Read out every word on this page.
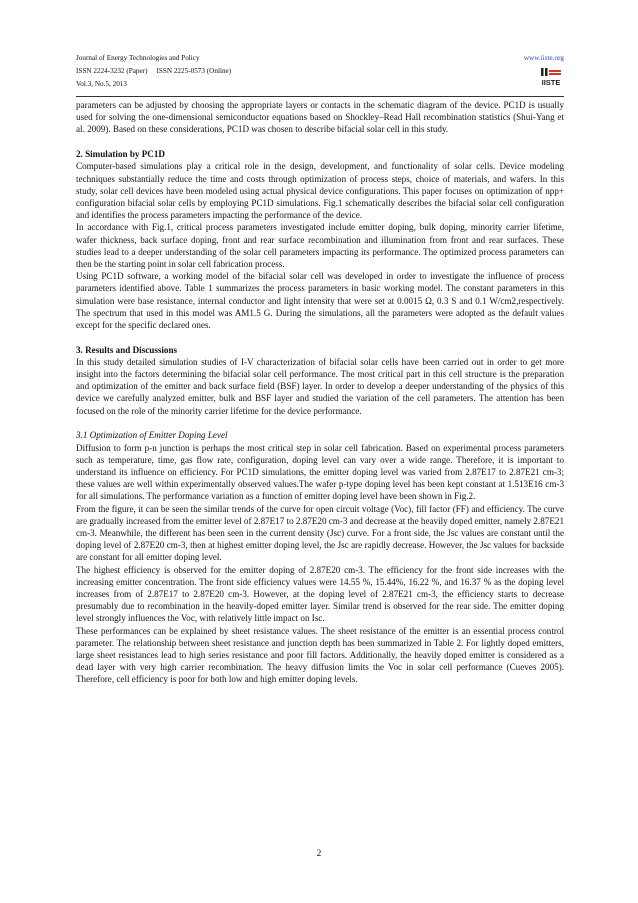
Journal of Energy Technologies and Policy	www.iiste.org
ISSN 2224-3232 (Paper)     ISSN 2225-0573 (Online)
Vol.3, No.5, 2013	IISTE

parameters can be adjusted by choosing the appropriate layers or contacts in the schematic diagram of the device. PC1D is usually used for solving the one-dimensional semiconductor equations based on Shockley–Read Hall recombination statistics (Shui-Yang et al. 2009). Based on these considerations, PC1D was chosen to describe bifacial solar cell in this study.

2. Simulation by PC1D

Computer-based simulations play a critical role in the design, development, and functionality of solar cells. Device modeling techniques substantially reduce the time and costs through optimization of process steps, choice of materials, and wafers. In this study, solar cell devices have been modeled using actual physical device configurations. This paper focuses on optimization of npp+ configuration bifacial solar cells by employing PC1D simulations. Fig.1 schematically describes the bifacial solar cell configuration and identifies the process parameters impacting the performance of the device.

In accordance with Fig.1, critical process parameters investigated include emitter doping, bulk doping, minority carrier lifetime, wafer thickness, back surface doping, front and rear surface recombination and illumination from front and rear surfaces. These studies lead to a deeper understanding of the solar cell parameters impacting its performance. The optimized process parameters can then be the starting point in solar cell fabrication process.

Using PC1D software, a working model of the bifacial solar cell was developed in order to investigate the influence of process parameters identified above. Table 1 summarizes the process parameters in basic working model. The constant parameters in this simulation were base resistance, internal conductor and light intensity that were set at 0.0015 Ω, 0.3 S and 0.1 W/cm2,respectively. The spectrum that used in this model was AM1.5 G. During the simulations, all the parameters were adopted as the default values except for the specific declared ones.

3. Results and Discussions

In this study detailed simulation studies of I-V characterization of bifacial solar cells have been carried out in order to get more insight into the factors determining the bifacial solar cell performance. The most critical part in this cell structure is the preparation and optimization of the emitter and back surface field (BSF) layer. In order to develop a deeper understanding of the physics of this device we carefully analyzed emitter, bulk and BSF layer and studied the variation of the cell parameters. The attention has been focused on the role of the minority carrier lifetime for the device performance.

3.1 Optimization of Emitter Doping Level

Diffusion to form p-n junction is perhaps the most critical step in solar cell fabrication. Based on experimental process parameters such as temperature, time, gas flow rate, configuration, doping level can vary over a wide range. Therefore, it is important to understand its influence on efficiency. For PC1D simulations, the emitter doping level was varied from 2.87E17 to 2.87E21 cm-3; these values are well within experimentally observed values.The wafer p-type doping level has been kept constant at 1.513E16 cm-3 for all simulations. The performance variation as a function of emitter doping level have been shown in Fig.2.

From the figure, it can be seen the similar trends of the curve for open circuit voltage (Voc), fill factor (FF) and efficiency. The curve are gradually increased from the emitter level of 2.87E17 to 2.87E20 cm-3 and decrease at the heavily doped emitter, namely 2.87E21 cm-3. Meanwhile, the different has been seen in the current density (Jsc) curve. For a front side, the Jsc values are constant until the doping level of 2.87E20 cm-3, then at highest emitter doping level, the Jsc are rapidly decrease. However, the Jsc values for backside are constant for all emitter doping level.

The highest efficiency is observed for the emitter doping of 2.87E20 cm-3. The efficiency for the front side increases with the increasing emitter concentration. The front side efficiency values were 14.55 %, 15.44%, 16.22 %, and 16.37 % as the doping level increases from of 2.87E17 to 2.87E20 cm-3. However, at the doping level of 2.87E21 cm-3, the efficiency starts to decrease presumably due to recombination in the heavily-doped emitter layer. Similar trend is observed for the rear side. The emitter doping level strongly influences the Voc, with relatively little impact on Isc.

These performances can be explained by sheet resistance values. The sheet resistance of the emitter is an essential process control parameter. The relationship between sheet resistance and junction depth has been summarized in Table 2. For lightly doped emitters, large sheet resistances lead to high series resistance and poor fill factors. Additionally, the heavily doped emitter is considered as a dead layer with very high carrier recombination. The heavy diffusion limits the Voc in solar cell performance (Cueves 2005). Therefore, cell efficiency is poor for both low and high emitter doping levels.

2
